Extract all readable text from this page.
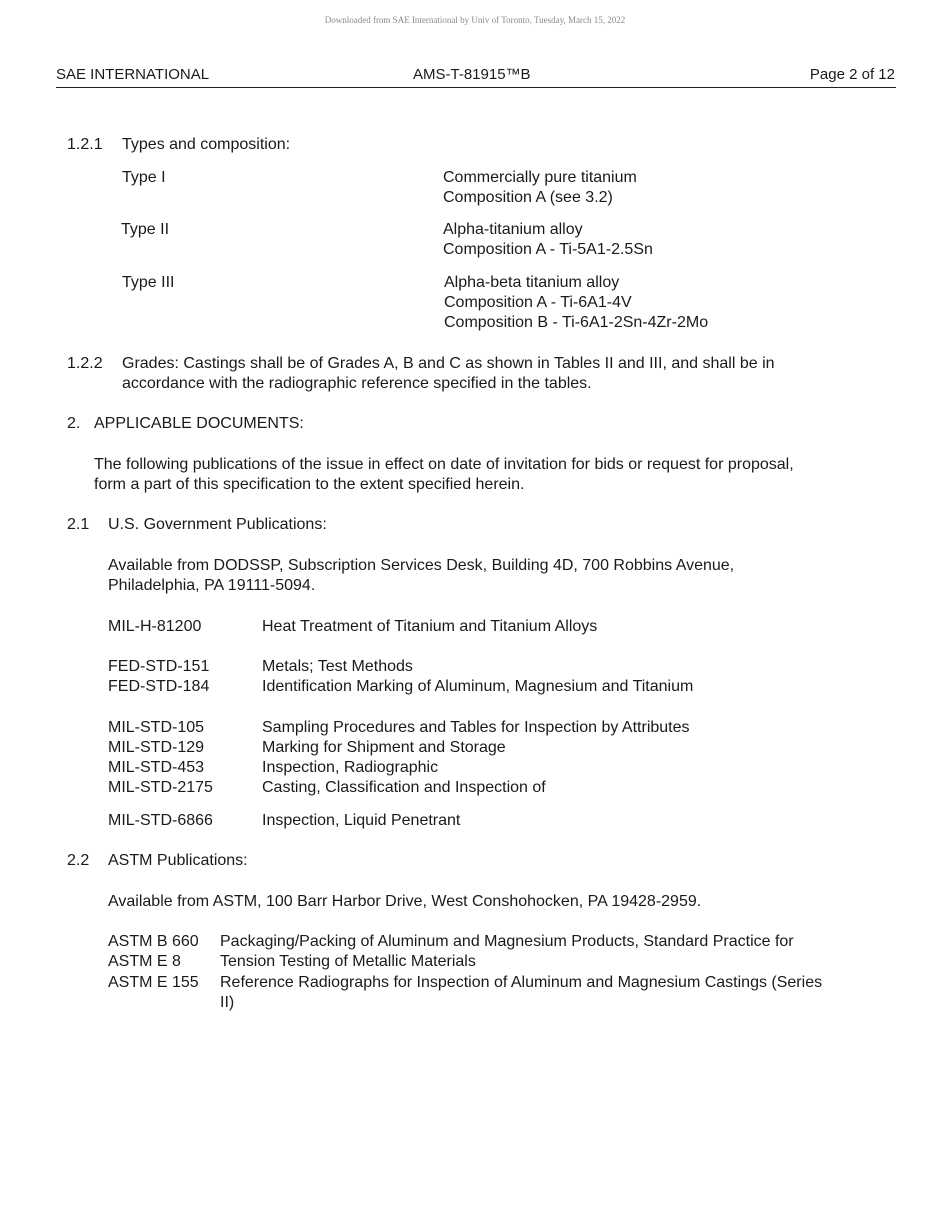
Downloaded from SAE International by Univ of Toronto, Tuesday, March 15, 2022
SAE INTERNATIONAL	AMS-T-81915™B	Page 2 of 12
1.2.1 Types and composition:
Type I	Commercially pure titanium
Composition A (see 3.2)
Type II	Alpha-titanium alloy
Composition A - Ti-5A1-2.5Sn
Type III	Alpha-beta titanium alloy
Composition A - Ti-6A1-4V
Composition B - Ti-6A1-2Sn-4Zr-2Mo
1.2.2 Grades: Castings shall be of Grades A, B and C as shown in Tables II and III, and shall be in
accordance with the radiographic reference specified in the tables.
2. APPLICABLE DOCUMENTS:
The following publications of the issue in effect on date of invitation for bids or request for proposal,
form a part of this specification to the extent specified herein.
2.1 U.S. Government Publications:
Available from DODSSP, Subscription Services Desk, Building 4D, 700 Robbins Avenue,
Philadelphia, PA 19111-5094.
MIL-H-81200	Heat Treatment of Titanium and Titanium Alloys
FED-STD-151	Metals; Test Methods
FED-STD-184	Identification Marking of Aluminum, Magnesium and Titanium
MIL-STD-105	Sampling Procedures and Tables for Inspection by Attributes
MIL-STD-129	Marking for Shipment and Storage
MIL-STD-453	Inspection, Radiographic
MIL-STD-2175	Casting, Classification and Inspection of
MIL-STD-6866	Inspection, Liquid Penetrant
2.2 ASTM Publications:
Available from ASTM, 100 Barr Harbor Drive, West Conshohocken, PA 19428-2959.
ASTM B 660 Packaging/Packing of Aluminum and Magnesium Products, Standard Practice for
ASTM E 8 Tension Testing of Metallic Materials
ASTM E 155 Reference Radiographs for Inspection of Aluminum and Magnesium Castings (Series
II)
